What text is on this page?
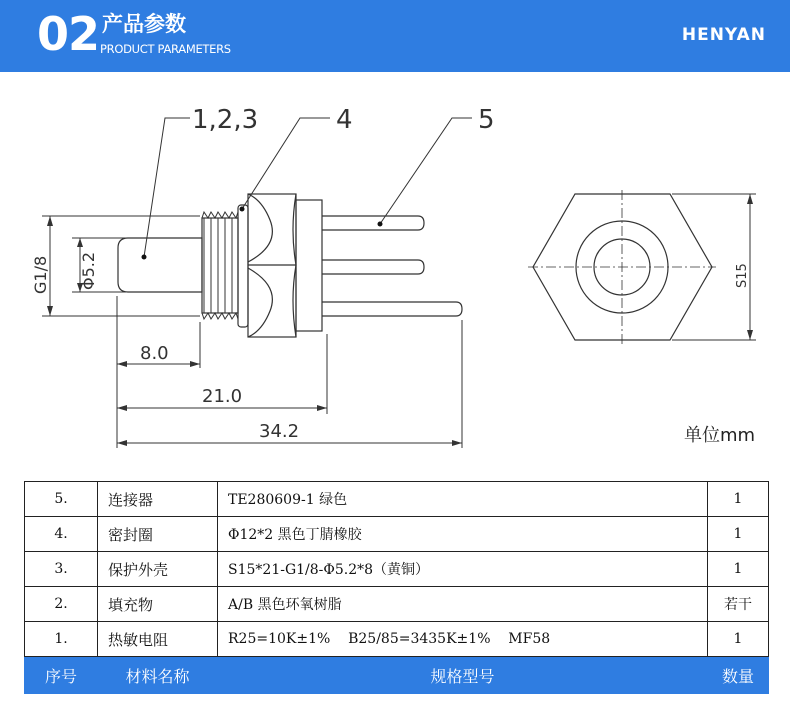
02 产品参数
PRODUCT PARAMETERS
HENYAN
1,2,3	4	5
G1/8 Φ5.2
8.0
21.0
34.2
S15
单位mm
5.	连接器	TE280609-1 绿色	1
4.	密封圈	Φ12*2 黑色丁腈橡胶	1
3.	保护外壳	S15*21-G1/8-Φ5.2*8（黄铜）	1
2.	填充物	A/B 黑色环氧树脂	若干
1.	热敏电阻	R25=10K±1%    B25/85=3435K±1%    MF58	1
序号	材料名称	规格型号	数量
